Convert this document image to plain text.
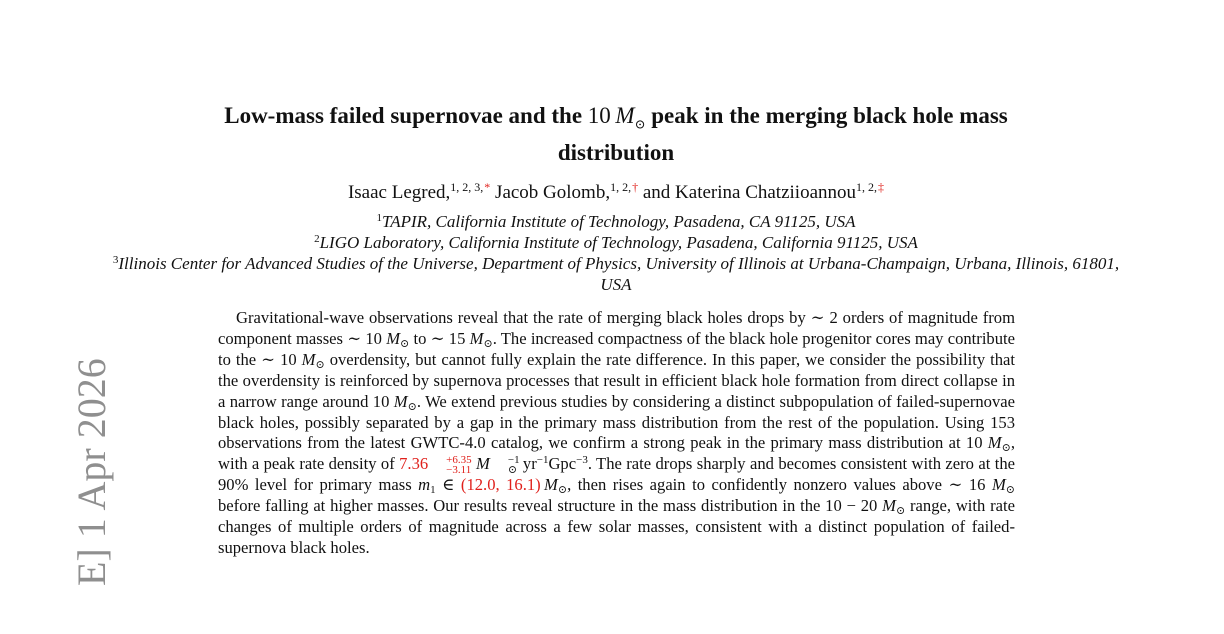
Low-mass failed supernovae and the 10  $M_⊙$ peak in the merging black hole mass
distribution
Isaac Legred,$^{1, 2, 3, *}$ Jacob Golomb,$^{1, 2, \dagger}$ and Katerina Chatziioannou$^{1, 2, \ddagger}$
$^1$TAPIR, California Institute of Technology, Pasadena, CA 91125, USA
$^2$LIGO Laboratory, California Institute of Technology, Pasadena, California 91125, USA
$^3$Illinois Center for Advanced Studies of the Universe, Department of Physics, University of Illinois at Urbana-Champaign, Urbana, Illinois, 61801, USA
Gravitational-wave observations reveal that the rate of merging black holes drops by ∼ 2 orders of magnitude from component masses ∼ 10 $M_⊙$ to ∼ 15 $M_⊙$. The increased compactness of the black hole progenitor cores may contribute to the ∼ 10 $M_⊙$ overdensity, but cannot fully explain the rate difference. In this paper, we consider the possibility that the overdensity is reinforced by supernova processes that result in efficient black hole formation from direct collapse in a narrow range around 10 $M_⊙$. We extend previous studies by considering a distinct subpopulation of failed-supernovae black holes, possibly separated by a gap in the primary mass distribution from the rest of the population. Using 153 observations from the latest GWTC-4.0 catalog, we confirm a strong peak in the primary mass distribution at 10 $M_⊙$, with a peak rate density of 7.36	+6.35
−3.11 M	−1
⊙
  $yr^{-1}Gpc^{-3}$. The rate drops sharply and becomes consistent with zero at the 90% level for primary mass $m_1$ ∈ (12.0, 16.1)  $M_⊙$, then rises again to confidently nonzero values above ∼ 16 $M_⊙$ before falling at higher masses. Our results reveal structure in the mass distribution in the 10 − 20 $M_⊙$ range, with rate changes of multiple orders of magnitude across a few solar masses, consistent with a distinct population of failed-supernova black holes.
E] 1 Apr 2026
